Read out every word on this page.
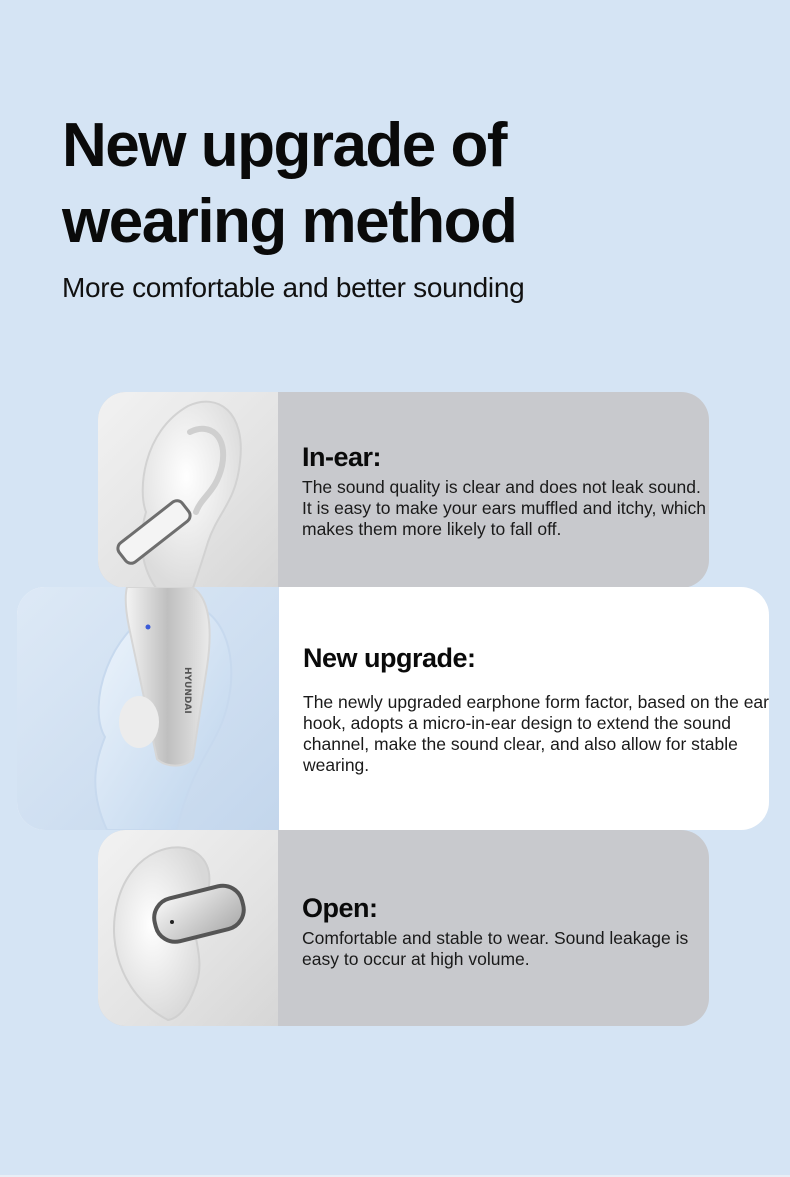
New upgrade of
wearing method
More comfortable and better sounding
In-ear:
The sound quality is clear and does not leak sound. It is easy to make your ears muffled and itchy, which makes them more likely to fall off.
HYUNDAI
New upgrade:
The newly upgraded earphone form factor, based on the ear hook, adopts a micro-in-ear design to extend the sound channel, make the sound clear, and also allow for stable wearing.
Open:
Comfortable and stable to wear. Sound leakage is easy to occur at high volume.
